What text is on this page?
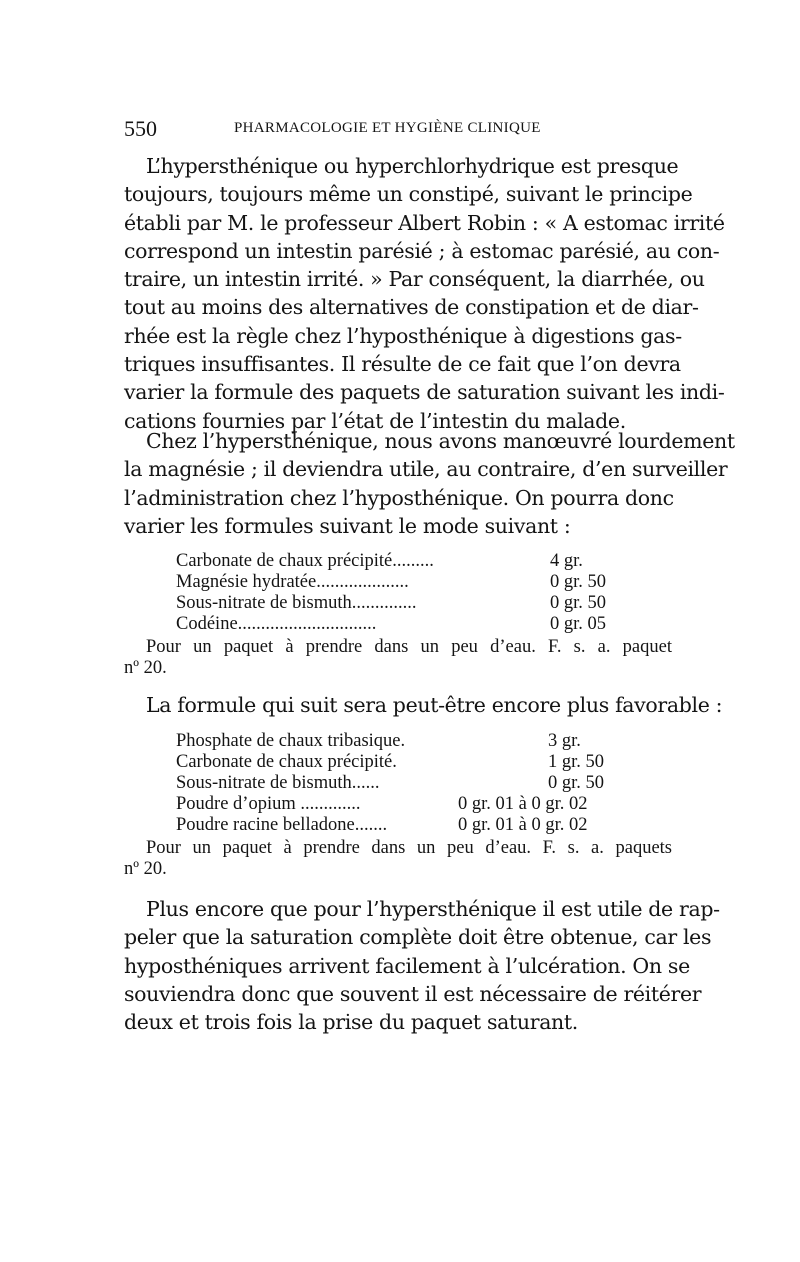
550	PHARMACOLOGIE ET HYGIÈNE CLINIQUE
L’hypersthénique ou hyperchlorhydrique est presque
toujours, toujours même un constipé, suivant le principe
établi par M. le professeur Albert Robin : « A estomac irrité
correspond un intestin parésié ; à estomac parésié, au con-
traire, un intestin irrité. » Par conséquent, la diarrhée, ou
tout au moins des alternatives de constipation et de diar-
rhée est la règle chez l’hyposthénique à digestions gas-
triques insuffisantes. Il résulte de ce fait que l’on devra
varier la formule des paquets de saturation suivant les indi-
cations fournies par l’état de l’intestin du malade.
Chez l’hypersthénique, nous avons manœuvré lourdement
la magnésie ; il deviendra utile, au contraire, d’en surveiller
l’administration chez l’hyposthénique. On pourra donc
varier les formules suivant le mode suivant :
Carbonate de chaux précipité.........	4 gr.
Magnésie hydratée....................	0 gr. 50
Sous-nitrate de bismuth..............	0 gr. 50
Codéine..............................	0 gr. 05
Pour un paquet à prendre dans un peu d’eau. F. s. a. paquet
nº 20.
La formule qui suit sera peut-être encore plus favorable :
Phosphate de chaux tribasique.	3 gr.
Carbonate de chaux précipité.	1 gr. 50
Sous-nitrate de bismuth......	0 gr. 50
Poudre d’opium .............	0 gr. 01 à 0 gr. 02
Poudre racine belladone.......	0 gr. 01 à 0 gr. 02
Pour un paquet à prendre dans un peu d’eau. F. s. a. paquets
nº 20.
Plus encore que pour l’hypersthénique il est utile de rap-
peler que la saturation complète doit être obtenue, car les
hyposthéniques arrivent facilement à l’ulcération. On se
souviendra donc que souvent il est nécessaire de réitérer
deux et trois fois la prise du paquet saturant.
